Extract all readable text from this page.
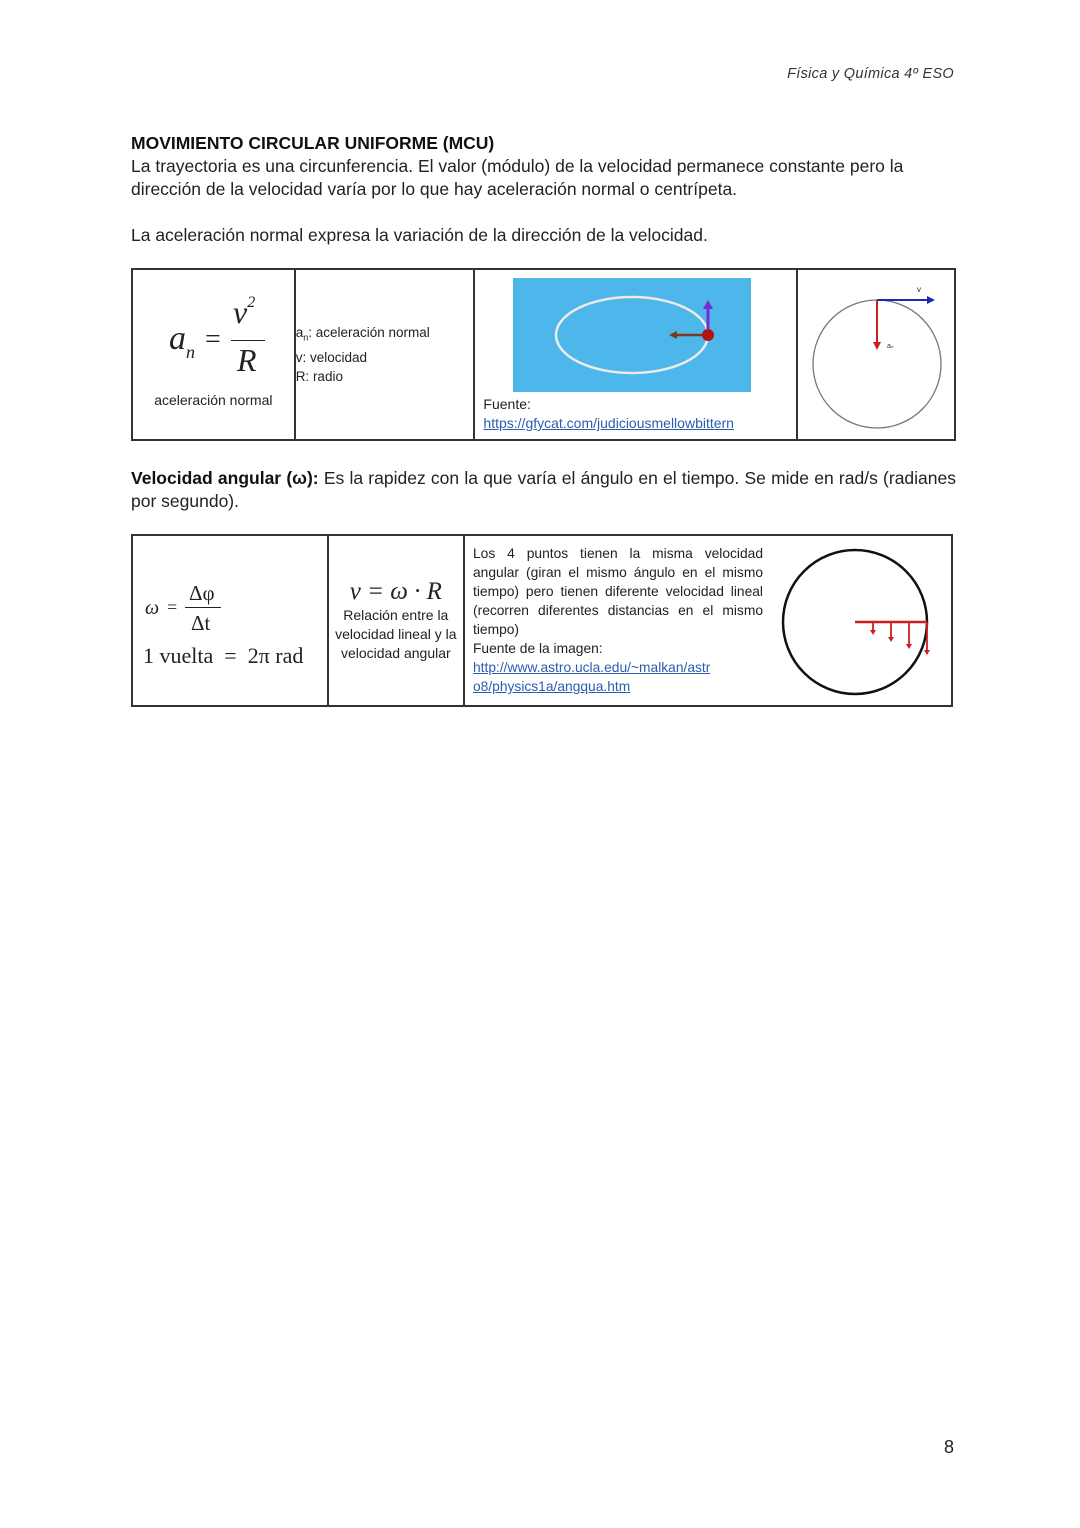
Física y Química 4º ESO
MOVIMIENTO CIRCULAR UNIFORME (MCU)
La trayectoria es una circunferencia. El valor (módulo) de la velocidad permanece constante pero la dirección de la velocidad varía por lo que hay aceleración normal o centrípeta.
La aceleración normal expresa la variación de la dirección de la velocidad.
$a_n$ =
$v^2$
R
aceleración normal

$a_n$: aceleración normal
v: velocidad
R: radio

Fuente:
https://gfycat.com/judiciousmellowbittern	
v
aₙ
Velocidad angular (ω): Es la rapidez con la que varía el ángulo en el tiempo. Se mide en rad/s (radianes por segundo).
ω =
Δφ
Δt
1 vuelta = 2π rad

v = ω · R
Relación entre la velocidad lineal y la velocidad angular

Los 4 puntos tienen la misma velocidad angular (giran el mismo ángulo en el mismo tiempo) pero tienen diferente velocidad lineal (recorren diferentes distancias en el mismo tiempo)
Fuente de la imagen:
http://www.astro.ucla.edu/~malkan/astr
o8/physics1a/angqua.htm
8
